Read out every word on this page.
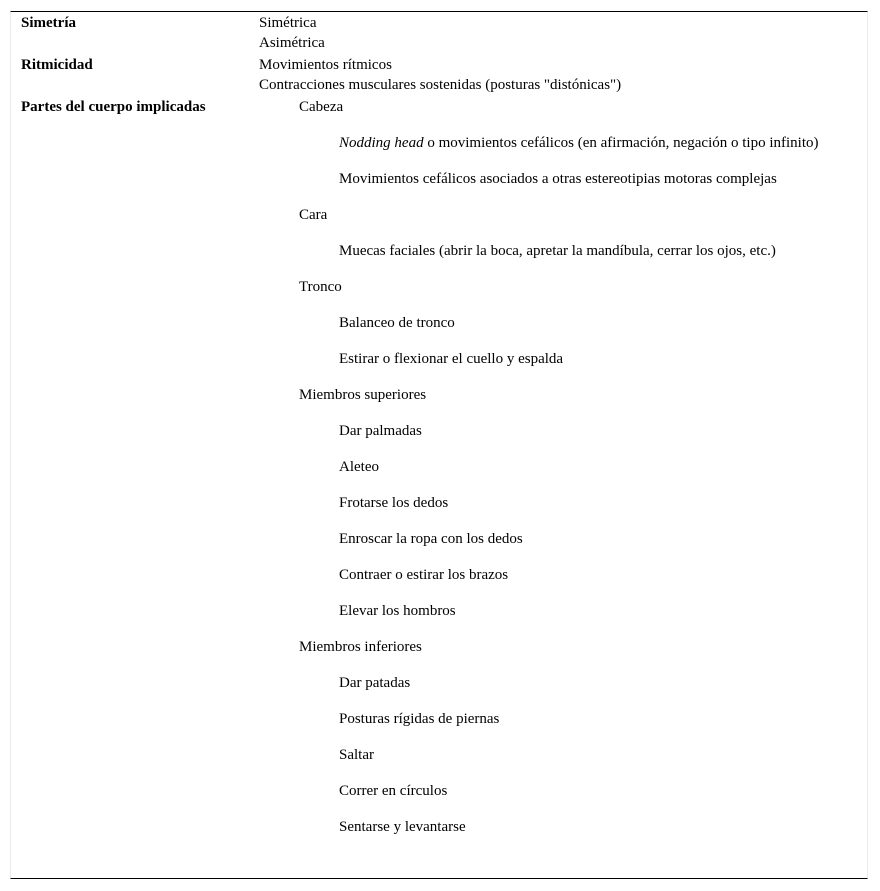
Simetría	Simétrica
Asimétrica
Ritmicidad	Movimientos rítmicos
Contracciones musculares sostenidas (posturas "distónicas")
Partes del cuerpo implicadas	Cabeza
Nodding head o movimientos cefálicos (en afirmación, negación o tipo infinito)
Movimientos cefálicos asociados a otras estereotipias motoras complejas
Cara
Muecas faciales (abrir la boca, apretar la mandíbula, cerrar los ojos, etc.)
Tronco
Balanceo de tronco
Estirar o flexionar el cuello y espalda
Miembros superiores
Dar palmadas
Aleteo
Frotarse los dedos
Enroscar la ropa con los dedos
Contraer o estirar los brazos
Elevar los hombros
Miembros inferiores
Dar patadas
Posturas rígidas de piernas
Saltar
Correr en círculos
Sentarse y levantarse
